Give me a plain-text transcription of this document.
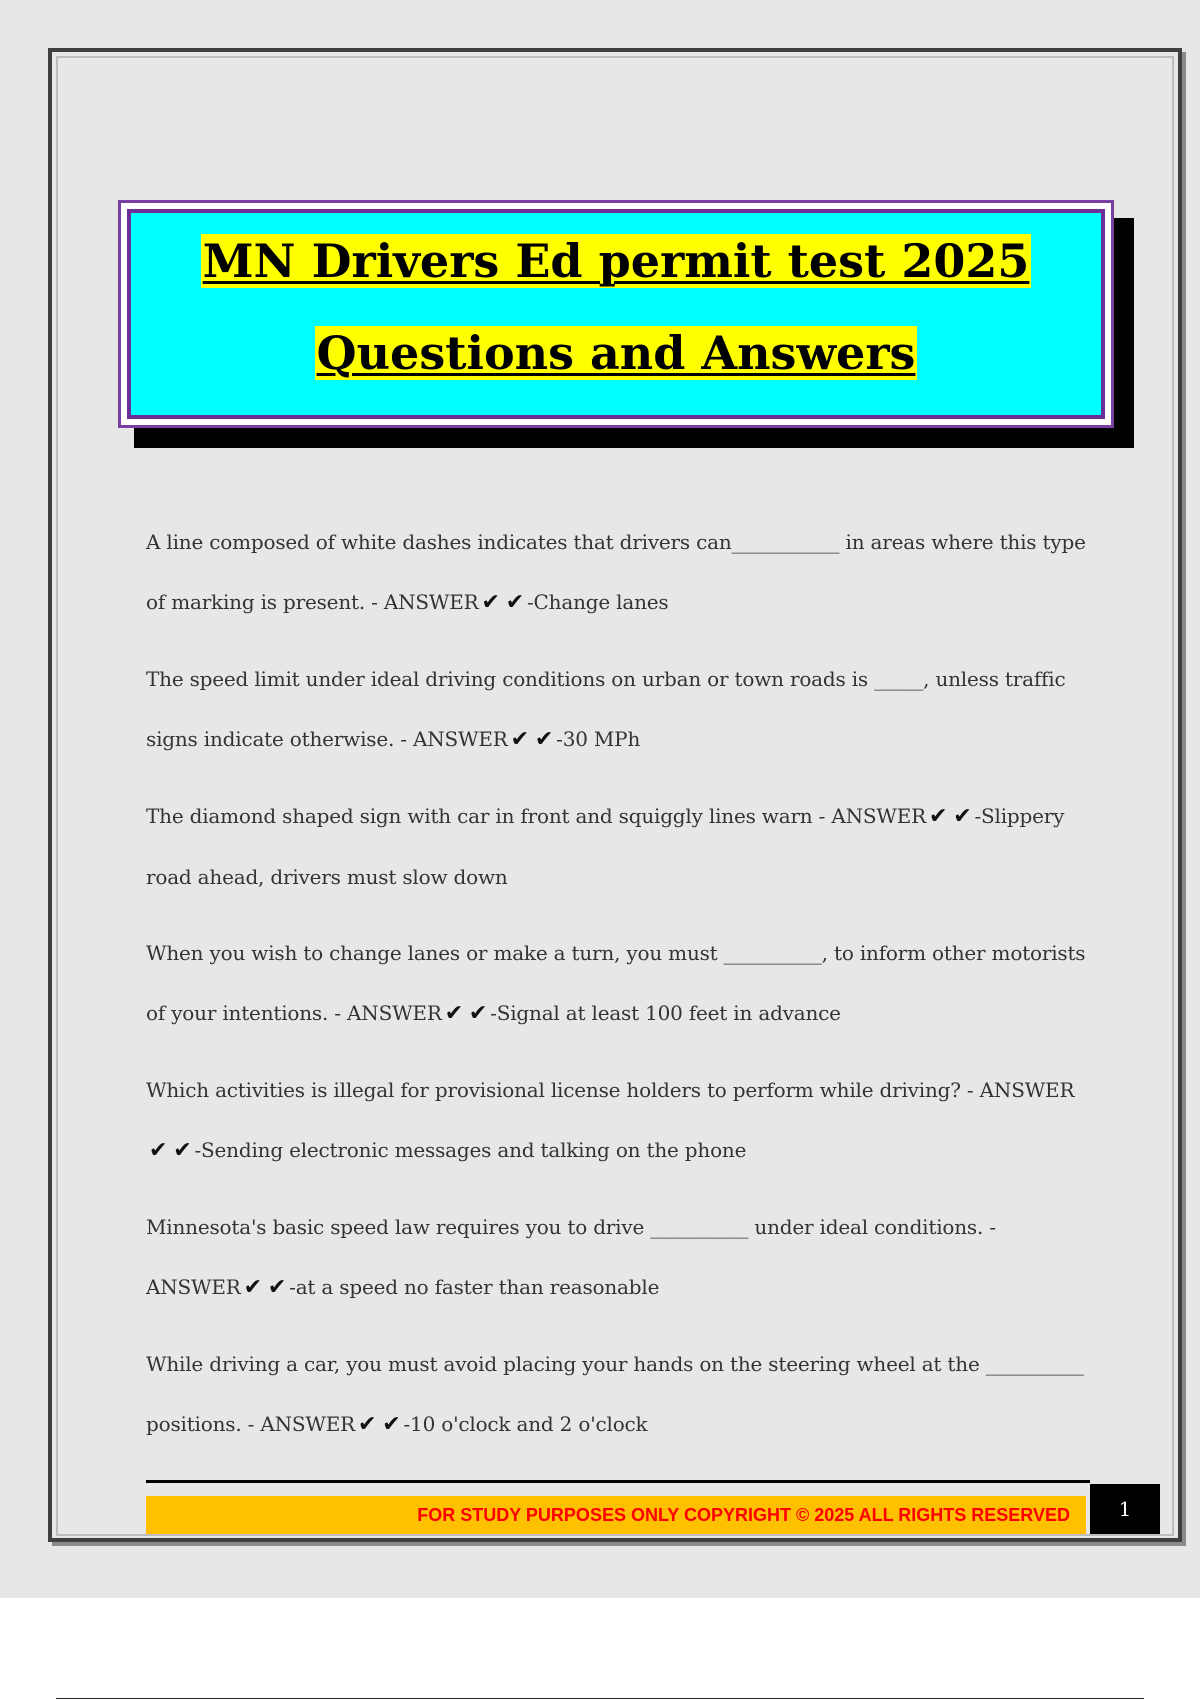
MN Drivers Ed permit test 2025
Questions and Answers
A line composed of white dashes indicates that drivers can___________ in areas where this type of marking is present. - ANSWER ✔ ✔ -Change lanes
The speed limit under ideal driving conditions on urban or town roads is _____, unless traffic signs indicate otherwise. - ANSWER ✔ ✔ -30 MPh
The diamond shaped sign with car in front and squiggly lines warn - ANSWER ✔ ✔ -Slippery road ahead, drivers must slow down
When you wish to change lanes or make a turn, you must __________, to inform other motorists of your intentions. - ANSWER ✔ ✔ -Signal at least 100 feet in advance
Which activities is illegal for provisional license holders to perform while driving? - ANSWER✔ ✔ -Sending electronic messages and talking on the phone
Minnesota's basic speed law requires you to drive __________ under ideal conditions. - ANSWER ✔ ✔ -at a speed no faster than reasonable
While driving a car, you must avoid placing your hands on the steering wheel at the __________ positions. - ANSWER ✔ ✔ -10 o'clock and 2 o'clock
FOR STUDY PURPOSES ONLY COPYRIGHT © 2025 ALL RIGHTS RESERVED	1
